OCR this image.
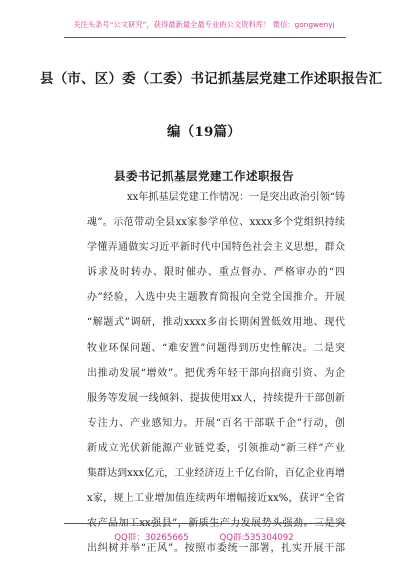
关注头条号“公文研究”，获得最新最全最专业的公文资料库！ 微信：gongwenyj
县（市、区）委（工委）书记抓基层党建工作述职报告汇
编（19篇）
县委书记抓基层党建工作述职报告
xx年抓基层党建工作情况：一是突出政治引领“铸
魂”。示范带动全县xx家参学单位、xxxx多个党组织持续
学懂弄通做实习近平新时代中国特色社会主义思想，群众
诉求及时转办、限时催办、重点督办、严格审办的“四
办”经验，入选中央主题教育简报向全党全国推介。开展
“解题式”调研，推动xxxx多亩长期闲置低效用地、现代
牧业环保问题、“难安置”问题得到历史性解决。二是突
出推动发展“增效”。把优秀年轻干部向招商引资、为企
服务等发展一线倾斜、提拔使用xx人，持续提升干部创新
专注力、产业感知力。开展“百名干部联千企”行动，创
新成立光伏新能源产业链党委，引领推动“新三样”产业
集群达到xxx亿元，工业经济迈上千亿台阶，百亿企业再增
x家，规上工业增加值连续两年增幅接近xx%，获评“全省
农产品加工xx强县”，新质生产力发展势头强劲。三是突
出纠树并举“正风”。按照市委统一部署，扎实开展干部
QQ群：30265665	QQ群:535304092
